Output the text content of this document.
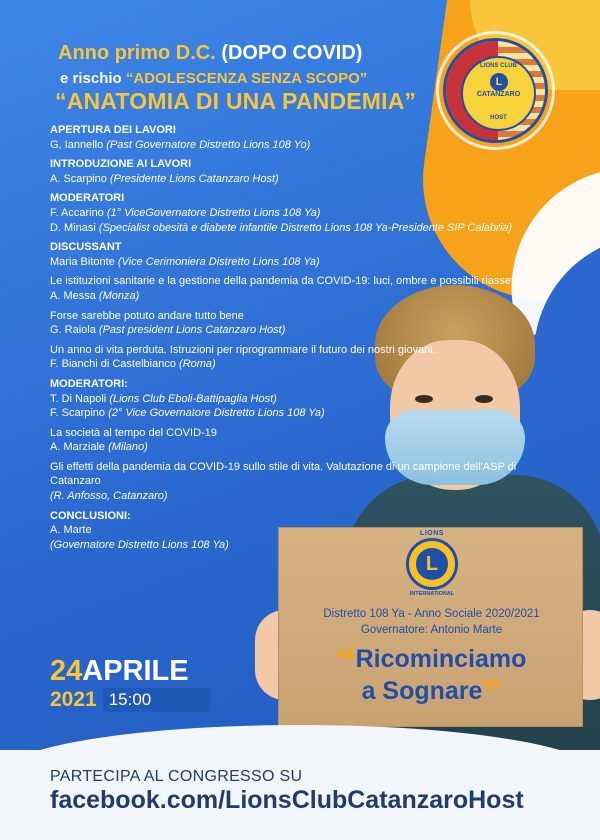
LIONS CLUB
L
CATANZARO
HOST
Anno primo D.C. (DOPO COVID)
e rischio “ADOLESCENZA SENZA SCOPO”
“ANATOMIA DI UNA PANDEMIA”
APERTURA DEI LAVORI
G, Iannello (Past Governatore Distretto Lions 108 Yo)
INTRODUZIONE AI LAVORI
A. Scarpino (Presidente Lions Catanzaro Host)
MODERATORI
F. Accarino (1° ViceGovernatore Distretto Lions 108 Ya)
D. Minasi (Specialist obesità e diabete infantile Distretto Lions 108 Ya-Presidente SIP Calabria)
DISCUSSANT
Maria Bitonte (Vice Cerimoniera Distretto Lions 108 Ya)
Le istituzioni sanitarie e la gestione della pandemia da COVID-19: luci, ombre e possibili riassetti.
A. Messa (Monza)
Forse sarebbe potuto andare tutto bene
G. Raiola (Past president Lions Catanzaro Host)
Un anno di vita perduta. Istruzioni per riprogrammare il futuro dei nostri giovani.
F. Bianchi di Castelbianco (Roma)
MODERATORI:
T. Di Napoli (Lions Club Eboli-Battipaglia Host)
F. Scarpino (2° Vice Governatore Distretto Lions 108 Ya)
La società al tempo del COVID-19
A. Marziale (Milano)
Gli effetti della pandemia da COVID-19 sullo stile di vita. Valutazione di un campione dell'ASP di Catanzaro
(R. Anfosso, Catanzaro)
CONCLUSIONI:
A. Marte
(Governatore Distretto Lions 108 Ya)
LIONS
L
INTERNATIONAL
Distretto 108 Ya - Anno Sociale 2020/2021
Governatore: Antonio Marte
“Ricominciamo
a Sognare”
24APRILE
2021 15:00
PARTECIPA AL CONGRESSO SU
facebook.com/LionsClubCatanzaroHost
